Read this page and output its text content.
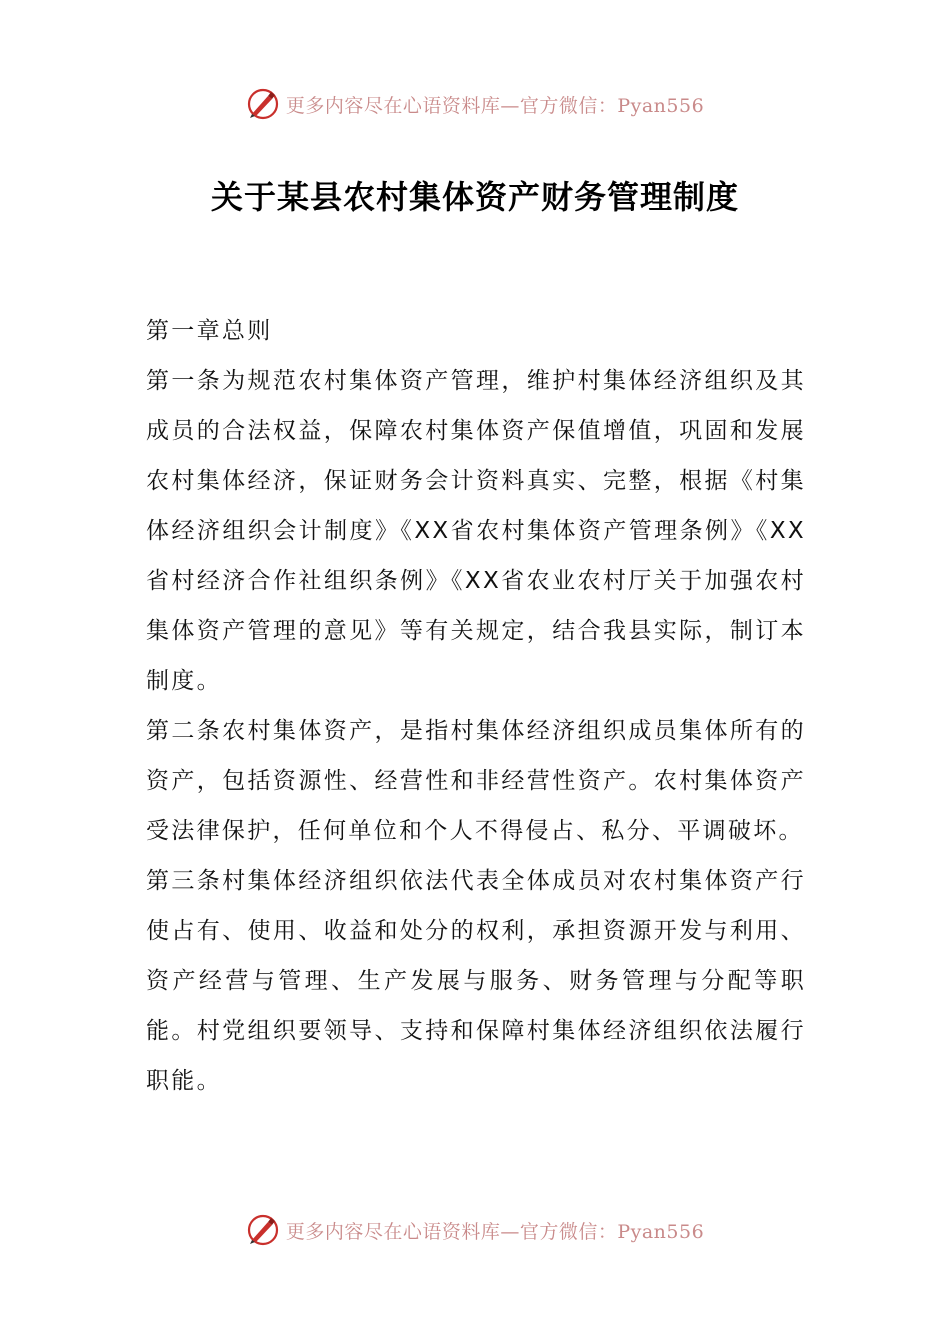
更多内容尽在心语资料库—官方微信：Pyan556
关于某县农村集体资产财务管理制度

第一章总则

第一条为规范农村集体资产管理，维护村集体经济组织及其成员的合法权益，保障农村集体资产保值增值，巩固和发展农村集体经济，保证财务会计资料真实、完整，根据《村集体经济组织会计制度》《XX省农村集体资产管理条例》《XX省村经济合作社组织条例》《XX省农业农村厅关于加强农村集体资产管理的意见》等有关规定，结合我县实际，制订本制度。

第二条农村集体资产，是指村集体经济组织成员集体所有的资产，包括资源性、经营性和非经营性资产。农村集体资产受法律保护，任何单位和个人不得侵占、私分、平调破坏。

第三条村集体经济组织依法代表全体成员对农村集体资产行使占有、使用、收益和处分的权利，承担资源开发与利用、资产经营与管理、生产发展与服务、财务管理与分配等职能。村党组织要领导、支持和保障村集体经济组织依法履行职能。

更多内容尽在心语资料库—官方微信：Pyan556
